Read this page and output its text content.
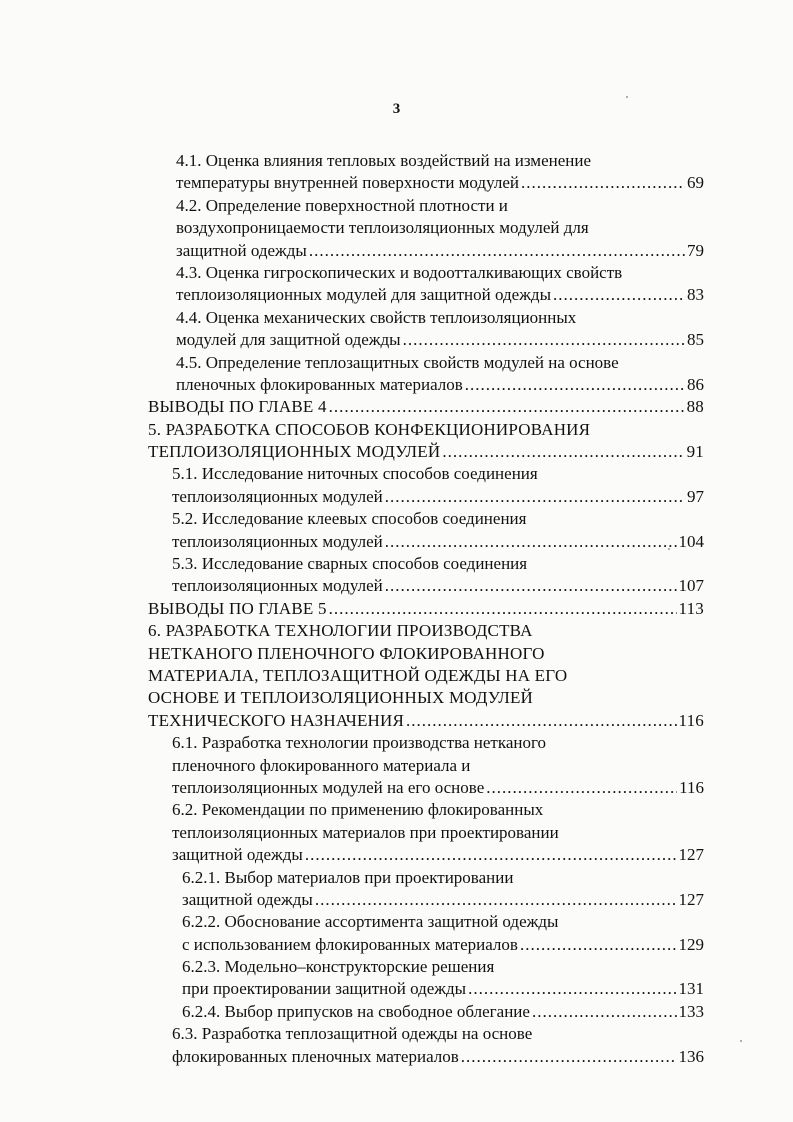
3
4.1. Оценка влияния тепловых воздействий на изменение
температуры внутренней поверхности модулей .....	69
4.2. Определение поверхностной плотности и
воздухопроницаемости теплоизоляционных модулей для
защитной одежды .....	79
4.3. Оценка гигроскопических и водоотталкивающих свойств
теплоизоляционных модулей для защитной одежды .....	83
4.4. Оценка механических свойств теплоизоляционных
модулей для защитной одежды .....	85
4.5. Определение теплозащитных свойств модулей на основе
пленочных флокированных материалов .....	86
ВЫВОДЫ ПО ГЛАВЕ 4 .....	88
5. РАЗРАБОТКА СПОСОБОВ КОНФЕКЦИОНИРОВАНИЯ
ТЕПЛОИЗОЛЯЦИОННЫХ МОДУЛЕЙ .....	91
5.1. Исследование ниточных способов соединения
теплоизоляционных модулей .....	97
5.2. Исследование клеевых способов соединения
теплоизоляционных модулей .....	104
5.3. Исследование сварных способов соединения
теплоизоляционных модулей .....	107
ВЫВОДЫ ПО ГЛАВЕ 5 .....	113
6. РАЗРАБОТКА ТЕХНОЛОГИИ ПРОИЗВОДСТВА
НЕТКАНОГО ПЛЕНОЧНОГО ФЛОКИРОВАННОГО
МАТЕРИАЛА, ТЕПЛОЗАЩИТНОЙ ОДЕЖДЫ НА ЕГО
ОСНОВЕ И ТЕПЛОИЗОЛЯЦИОННЫХ МОДУЛЕЙ
ТЕХНИЧЕСКОГО НАЗНАЧЕНИЯ .....	116
6.1. Разработка технологии производства нетканого
пленочного флокированного материала и
теплоизоляционных модулей на его основе .....	116
6.2. Рекомендации по применению флокированных
теплоизоляционных материалов при проектировании
защитной одежды .....	127
6.2.1. Выбор материалов при проектировании
защитной одежды .....	127
6.2.2. Обоснование ассортимента защитной одежды
с использованием флокированных материалов .....	129
6.2.3. Модельно–конструкторские решения
при проектировании защитной одежды .....	131
6.2.4. Выбор припусков на свободное облегание .....	133
6.3. Разработка теплозащитной одежды на основе
флокированных пленочных материалов .....	136
